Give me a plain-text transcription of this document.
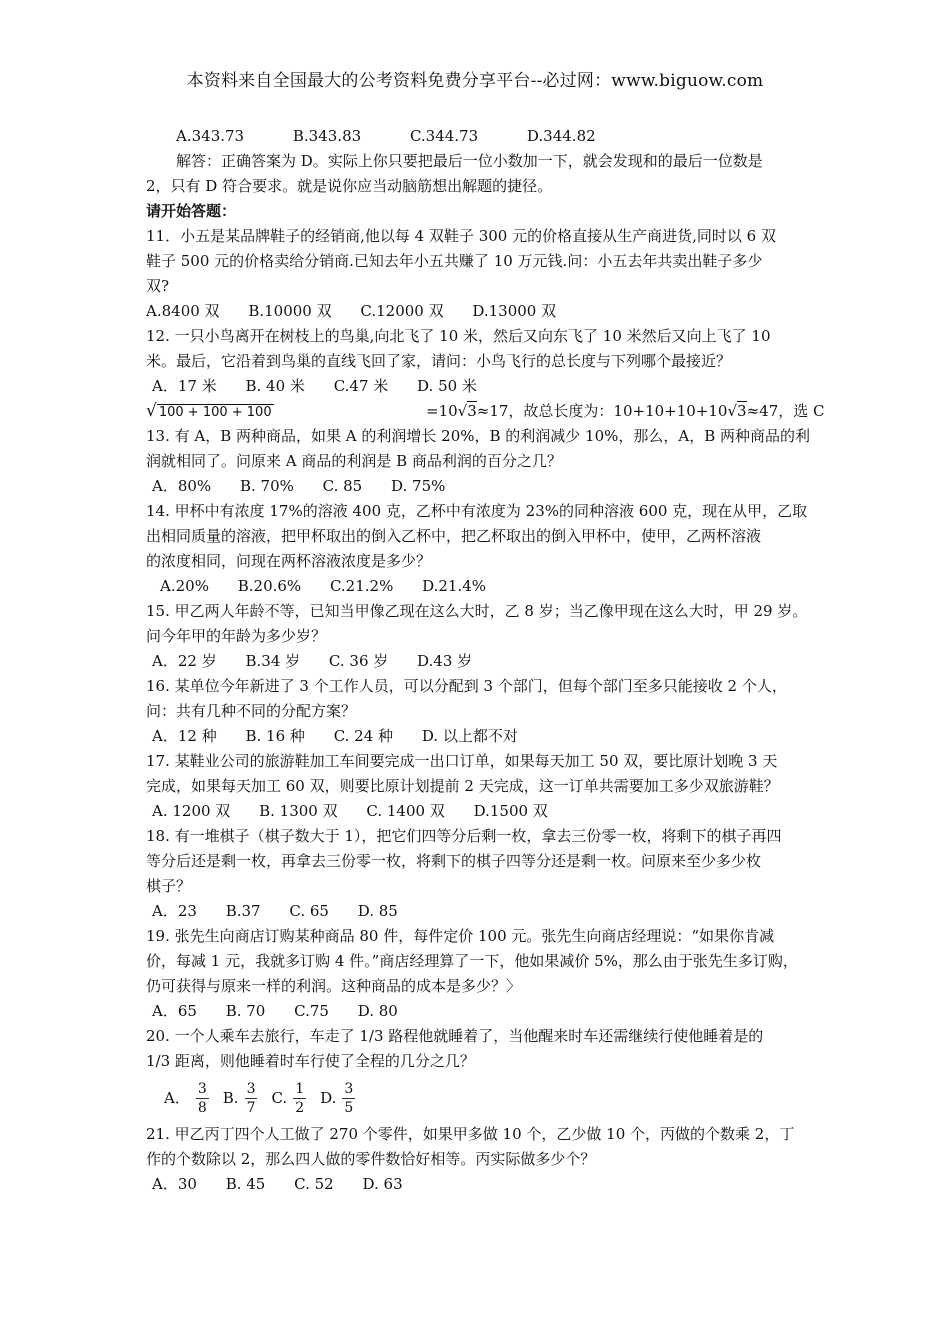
本资料来自全国最大的公考资料免费分享平台--必过网：www.biguow.com
A.343.73	B.343.83	C.344.73	D.344.82
解答：正确答案为 D。实际上你只要把最后一位小数加一下，就会发现和的最后一位数是
2，只有 D 符合要求。就是说你应当动脑筋想出解题的捷径。
请开始答题：
11．小五是某品牌鞋子的经销商,他以每 4 双鞋子 300 元的价格直接从生产商进货,同时以 6 双
鞋子 500 元的价格卖给分销商.已知去年小五共赚了 10 万元钱.问：小五去年共卖出鞋子多少
双?
A.8400 双 B.10000 双 C.12000 双 D.13000 双
12. 一只小鸟离开在树枝上的鸟巢,向北飞了 10 米，然后又向东飞了 10 米然后又向上飞了 10
米。最后，它沿着到鸟巢的直线飞回了家，请问：小鸟飞行的总长度与下列哪个最接近？
A．17 米 B. 40 米 C.47 米 D. 50 米
√ 100 + 100 + 100	=10√3≈17，故总长度为：10+10+10+10√3≈47，选 C
13. 有 A，B 两种商品，如果 A 的利润增长 20%，B 的利润减少 10%，那么，A，B 两种商品的利
润就相同了。问原来 A 商品的利润是 B 商品利润的百分之几？
A．80% B. 70% C. 85 D. 75%
14. 甲杯中有浓度 17%的溶液 400 克，乙杯中有浓度为 23%的同种溶液 600 克，现在从甲，乙取
出相同质量的溶液，把甲杯取出的倒入乙杯中，把乙杯取出的倒入甲杯中，使甲，乙两杯溶液
的浓度相同，问现在两杯溶液浓度是多少？
A.20% B.20.6% C.21.2% D.21.4%
15. 甲乙两人年龄不等，已知当甲像乙现在这么大时，乙 8 岁；当乙像甲现在这么大时，甲 29 岁。
问今年甲的年龄为多少岁？
A．22 岁 B.34 岁 C. 36 岁 D.43 岁
16. 某单位今年新进了 3 个工作人员，可以分配到 3 个部门，但每个部门至多只能接收 2 个人，
问：共有几种不同的分配方案？
A．12 种 B. 16 种 C. 24 种 D. 以上都不对
17. 某鞋业公司的旅游鞋加工车间要完成一出口订单，如果每天加工 50 双，要比原计划晚 3 天
完成，如果每天加工 60 双，则要比原计划提前 2 天完成，这一订单共需要加工多少双旅游鞋？
A. 1200 双 B. 1300 双 C. 1400 双 D.1500 双
18. 有一堆棋子（棋子数大于 1），把它们四等分后剩一枚，拿去三份零一枚，将剩下的棋子再四
等分后还是剩一枚，再拿去三份零一枚，将剩下的棋子四等分还是剩一枚。问原来至少多少枚
棋子？
A．23 B.37 C. 65 D. 85
19. 张先生向商店订购某种商品 80 件，每件定价 100 元。张先生向商店经理说：“如果你肯减
价，每减 1 元，我就多订购 4 件。”商店经理算了一下，他如果减价 5%，那么由于张先生多订购，
仍可获得与原来一样的利润。这种商品的成本是多少？〉
A．65 B. 70 C.75 D. 80
20. 一个人乘车去旅行，车走了 1/3 路程他就睡着了，当他醒来时车还需继续行使他睡着是的
1/3 距离，则他睡着时车行使了全程的几分之几？
A． $\frac{3}{8} B$. $\frac{3}{7} C$. $\frac{1}{2} D$. $\frac{3}{5}$
21. 甲乙丙丁四个人工做了 270 个零件，如果甲多做 10 个，乙少做 10 个，丙做的个数乘 2，丁
作的个数除以 2，那么四人做的零件数恰好相等。丙实际做多少个？
A．30 B. 45 C. 52 D. 63
